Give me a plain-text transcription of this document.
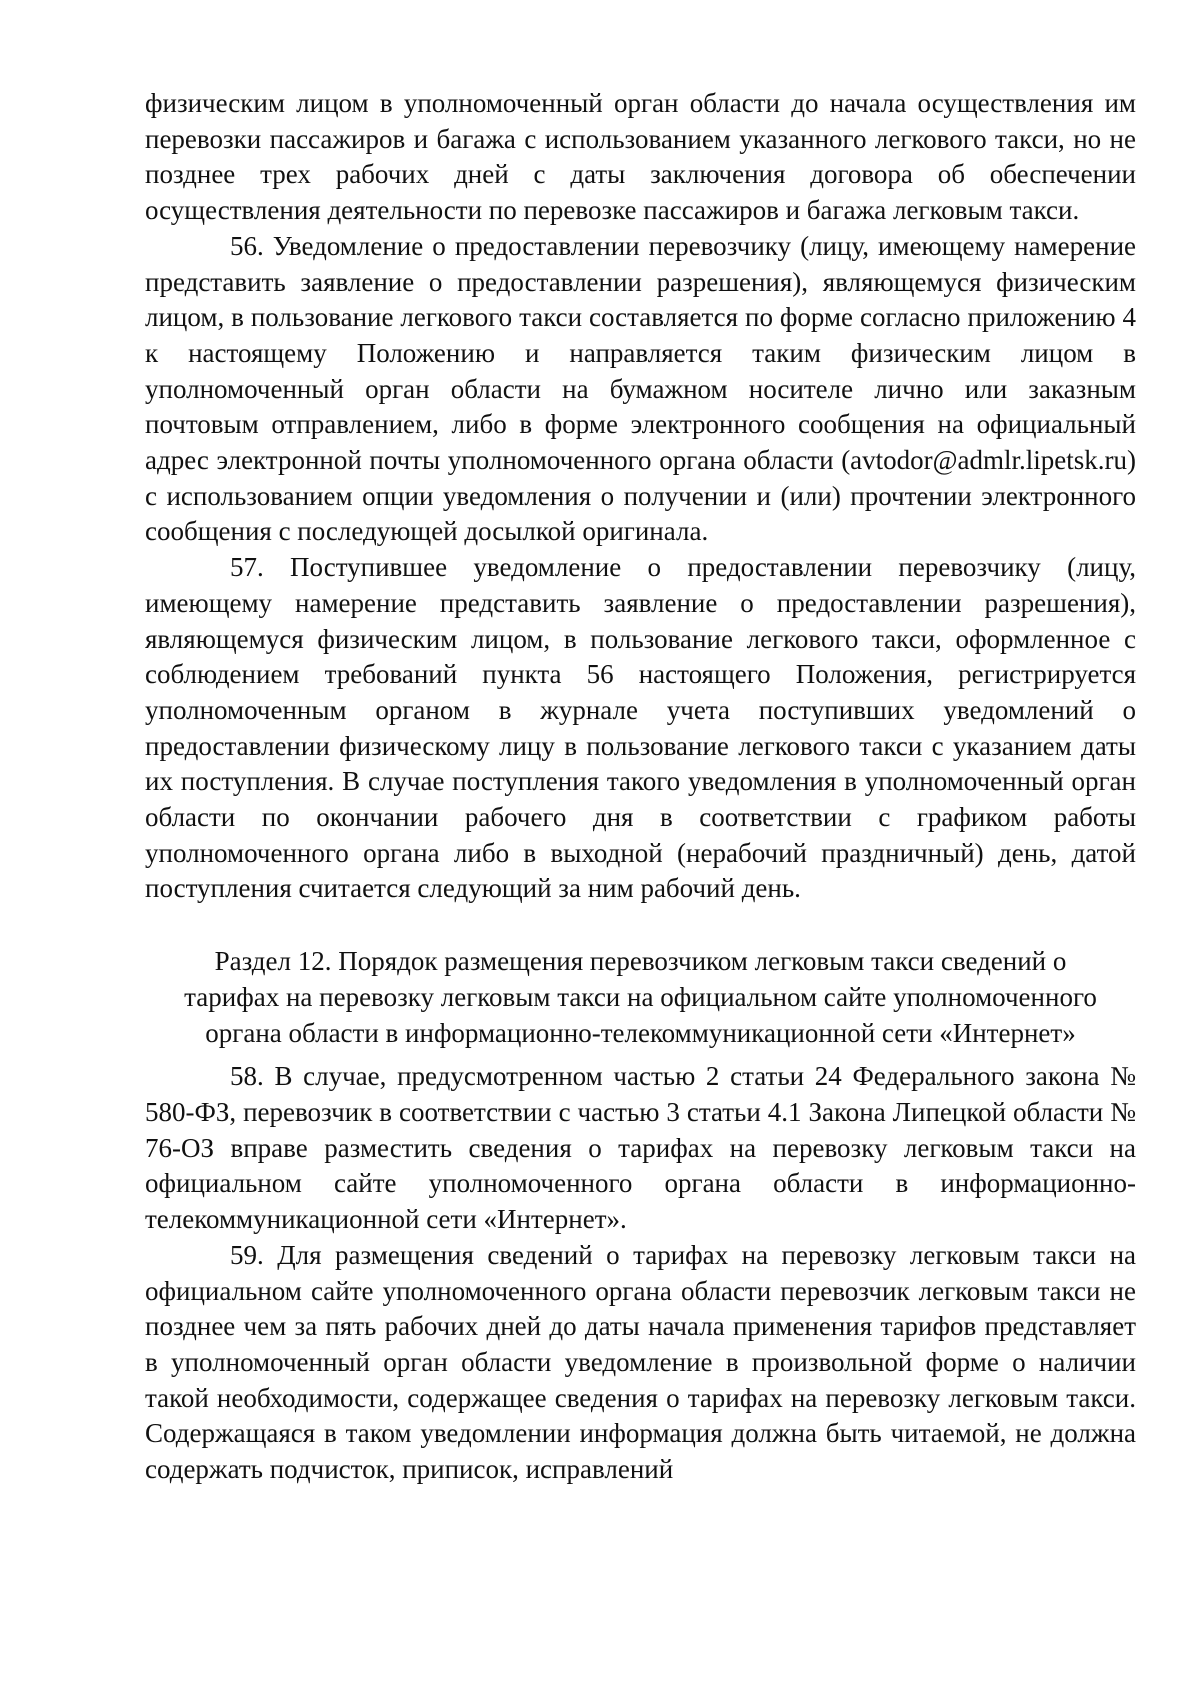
физическим лицом в уполномоченный орган области до начала осуществления им перевозки пассажиров и багажа с использованием указанного легкового такси, но не позднее трех рабочих дней с даты заключения договора об обеспечении осуществления деятельности по перевозке пассажиров и багажа легковым такси.

56. Уведомление о предоставлении перевозчику (лицу, имеющему намерение представить заявление о предоставлении разрешения), являющемуся физическим лицом, в пользование легкового такси составляется по форме согласно приложению 4 к настоящему Положению и направляется таким физическим лицом в уполномоченный орган области на бумажном носителе лично или заказным почтовым отправлением, либо в форме электронного сообщения на официальный адрес электронной почты уполномоченного органа области (avtodor@admlr.lipetsk.ru) с использованием опции уведомления о получении и (или) прочтении электронного сообщения с последующей досылкой оригинала.

57. Поступившее уведомление о предоставлении перевозчику (лицу, имеющему намерение представить заявление о предоставлении разрешения), являющемуся физическим лицом, в пользование легкового такси, оформленное с соблюдением требований пункта 56 настоящего Положения, регистрируется уполномоченным органом в журнале учета поступивших уведомлений о предоставлении физическому лицу в пользование легкового такси с указанием даты их поступления. В случае поступления такого уведомления в уполномоченный орган области по окончании рабочего дня в соответствии с графиком работы уполномоченного органа либо в выходной (нерабочий праздничный) день, датой поступления считается следующий за ним рабочий день.

Раздел 12. Порядок размещения перевозчиком легковым такси сведений о
тарифах на перевозку легковым такси на официальном сайте уполномоченного
органа области в информационно-телекоммуникационной сети «Интернет»

58. В случае, предусмотренном частью 2 статьи 24 Федерального закона № 580-ФЗ, перевозчик в соответствии с частью 3 статьи 4.1 Закона Липецкой области № 76-ОЗ вправе разместить сведения о тарифах на перевозку легковым такси на официальном сайте уполномоченного органа области в информационно-телекоммуникационной сети «Интернет».

59. Для размещения сведений о тарифах на перевозку легковым такси на официальном сайте уполномоченного органа области перевозчик легковым такси не позднее чем за пять рабочих дней до даты начала применения тарифов представляет в уполномоченный орган области уведомление в произвольной форме о наличии такой необходимости, содержащее сведения о тарифах на перевозку легковым такси. Содержащаяся в таком уведомлении информация должна быть читаемой, не должна содержать подчисток, приписок, исправлений
